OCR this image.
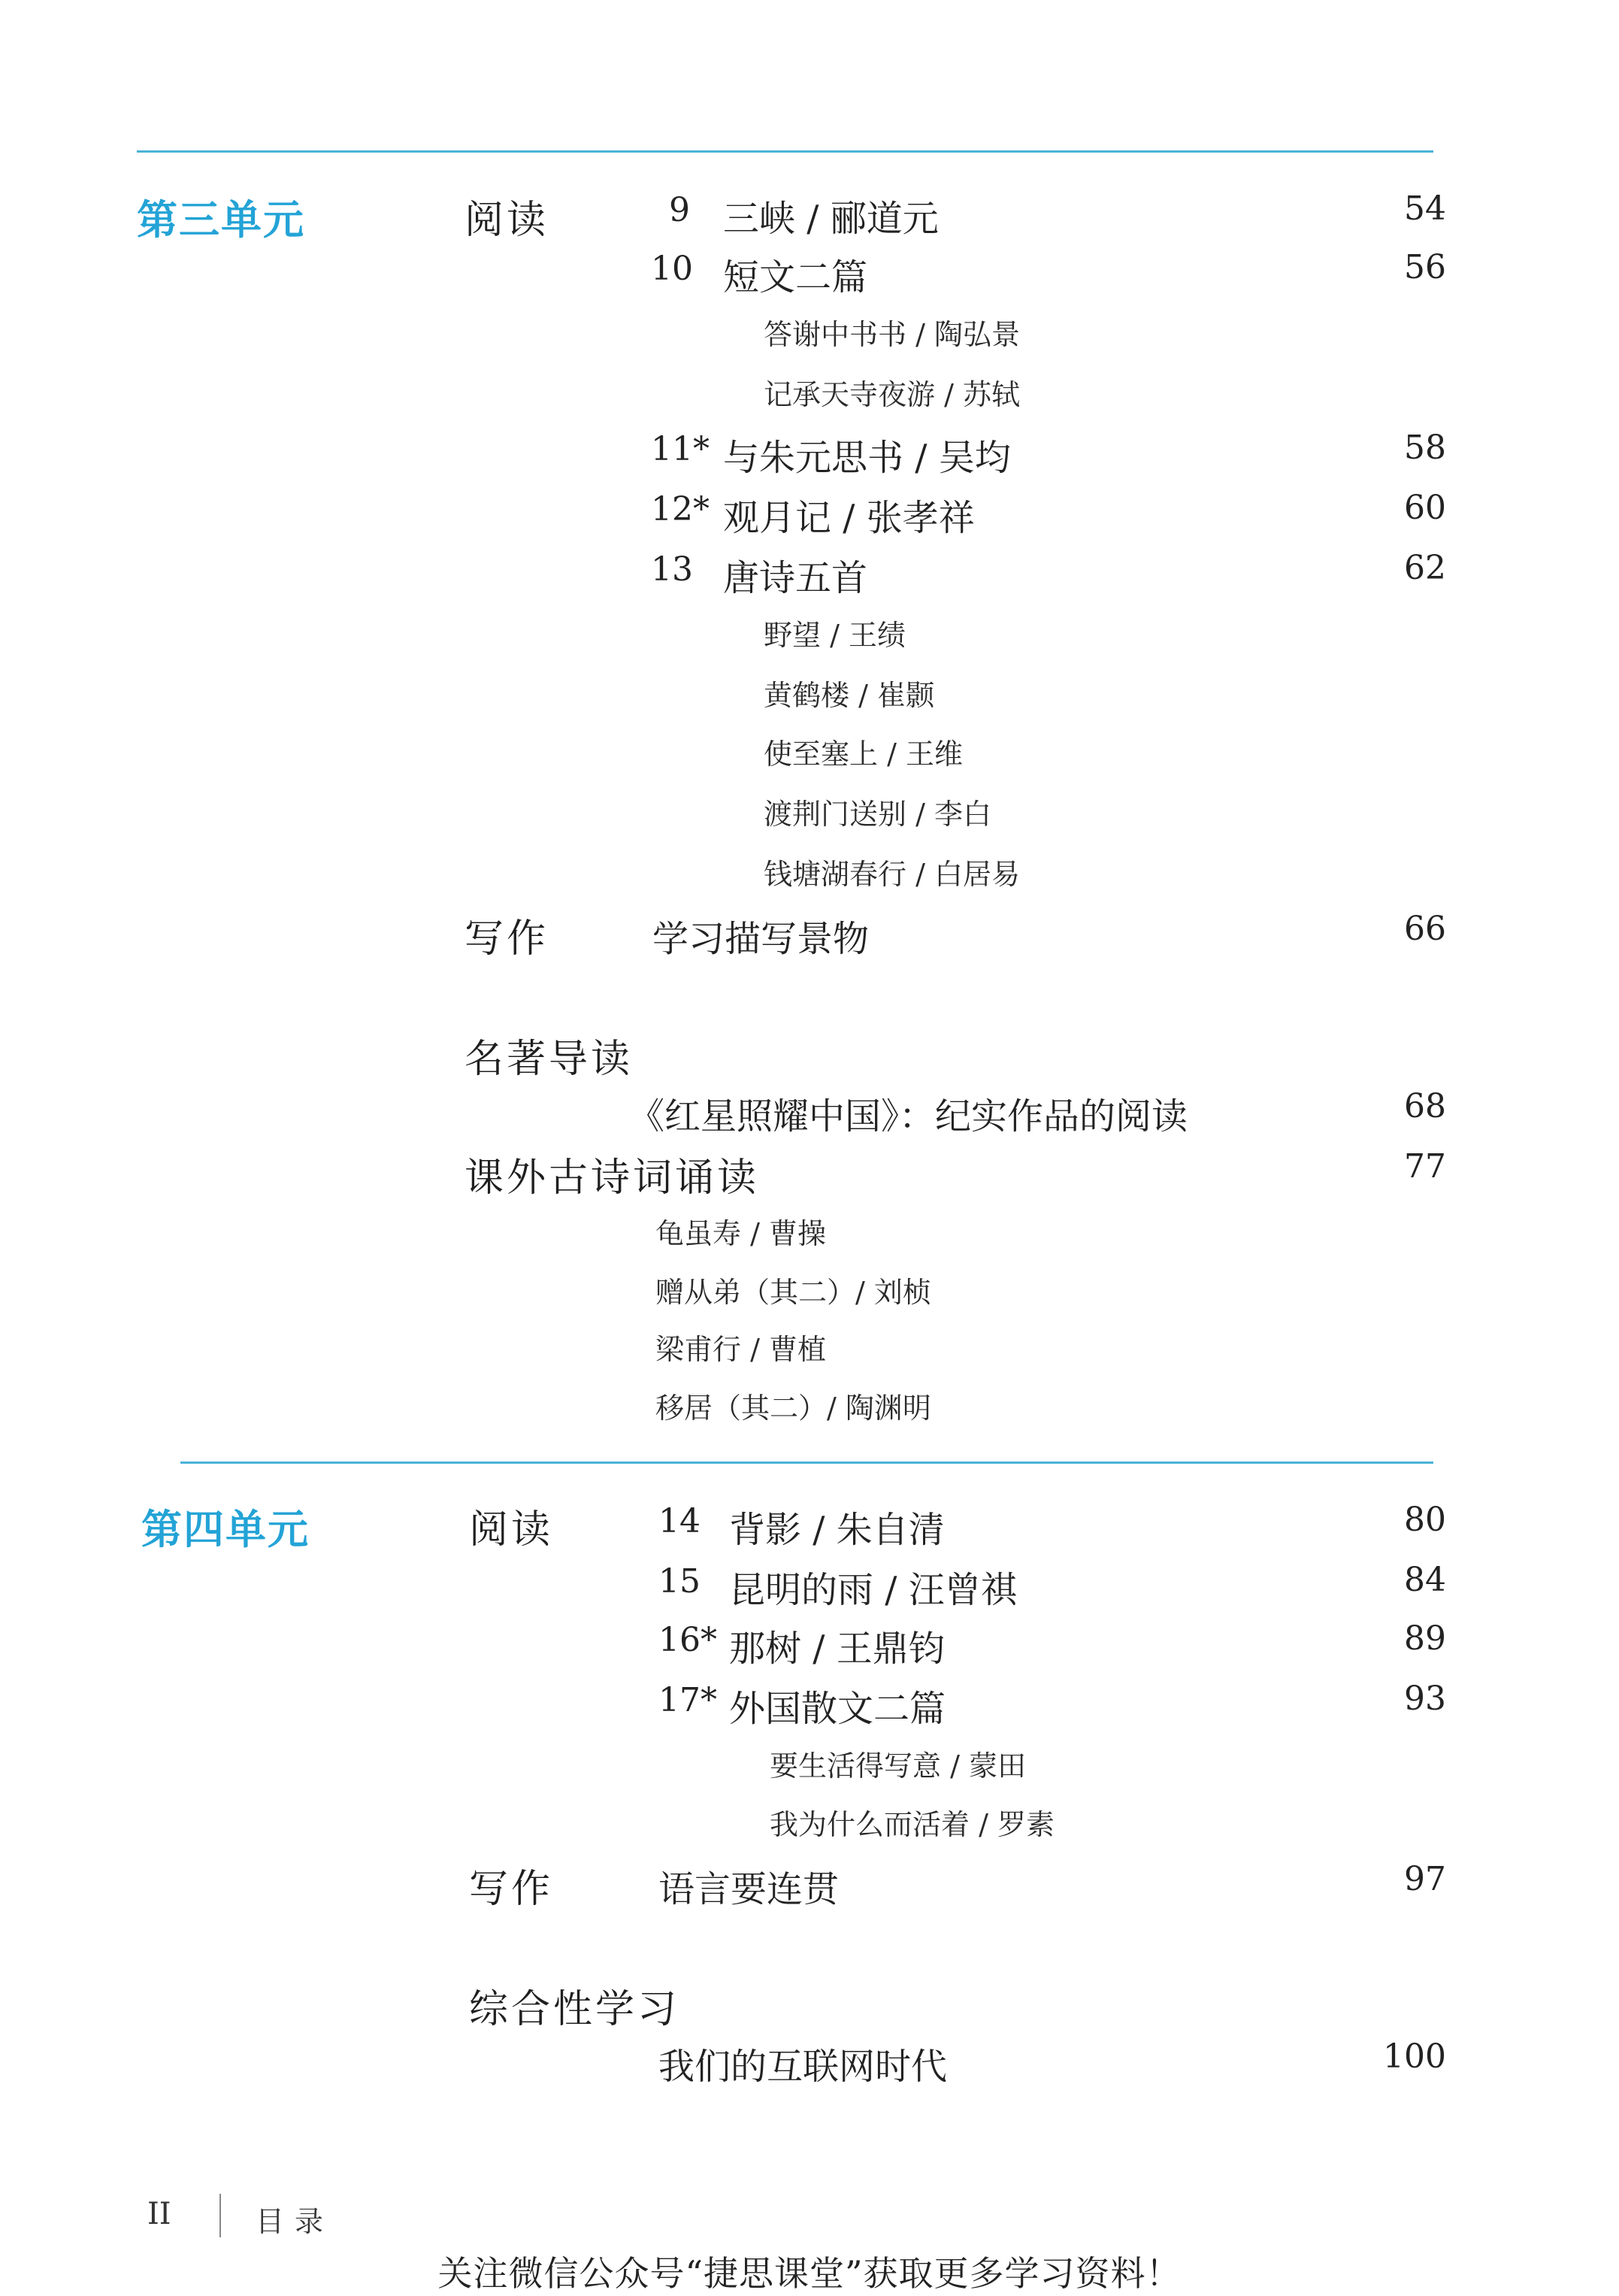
第三单元	阅读	9 三峡 / 郦道元	54
10 短文二篇	56
答谢中书书 / 陶弘景
记承天寺夜游 / 苏轼
11* 与朱元思书 / 吴均	58
12* 观月记 / 张孝祥	60
13 唐诗五首	62
野望 / 王绩
黄鹤楼 / 崔颢
使至塞上 / 王维
渡荆门送别 / 李白
钱塘湖春行 / 白居易
写作	学习描写景物	66
名著导读
《红星照耀中国》：纪实作品的阅读	68
课外古诗词诵读	77
龟虽寿 / 曹操
赠从弟（其二）/ 刘桢
梁甫行 / 曹植
移居（其二）/ 陶渊明
第四单元	阅读	14 背影 / 朱自清	80
15 昆明的雨 / 汪曾祺	84
16* 那树 / 王鼎钧	89
17* 外国散文二篇	93
要生活得写意 / 蒙田
我为什么而活着 / 罗素
写作	语言要连贯	97
综合性学习
我们的互联网时代	100
II	目录
关注微信公众号“捷思课堂”获取更多学习资料！
